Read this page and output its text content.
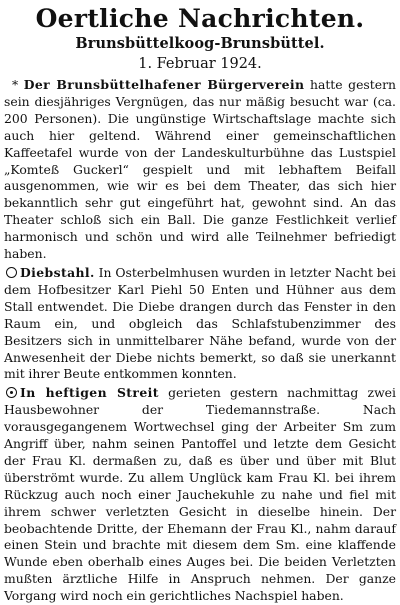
Oertliche Nachrichten.
Brunsbüttelkoog-Brunsbüttel.
1. Februar 1924.

* Der Brunsbüttelhafener Bürgerverein hatte gestern sein diesjähriges Vergnügen, das nur mäßig besucht war (ca. 200 Personen). Die ungünstige Wirtschaftslage machte sich auch hier geltend. Während einer gemeinschaftlichen Kaffeetafel wurde von der Landeskulturbühne das Lustspiel „Komteß Guckerl“ gespielt und mit lebhaftem Beifall ausgenommen, wie wir es bei dem Theater, das sich hier bekanntlich sehr gut eingeführt hat, gewohnt sind. An das Theater schloß sich ein Ball. Die ganze Festlichkeit verlief harmonisch und schön und wird alle Teilnehmer befriedigt haben.

Diebstahl. In Osterbelmhusen wurden in letzter Nacht bei dem Hofbesitzer Karl Piehl 50 Enten und Hühner aus dem Stall entwendet. Die Diebe drangen durch das Fenster in den Raum ein, und obgleich das Schlafstubenzimmer des Besitzers sich in unmittelbarer Nähe befand, wurde von der Anwesenheit der Diebe nichts bemerkt, so daß sie unerkannt mit ihrer Beute entkommen konnten.

In heftigen Streit gerieten gestern nachmittag zwei Hausbewohner der Tiedemannstraße. Nach vorausgegangenem Wortwechsel ging der Arbeiter Sm zum Angriff über, nahm seinen Pantoffel und letzte dem Gesicht der Frau Kl. dermaßen zu, daß es über und über mit Blut überströmt wurde. Zu allem Unglück kam Frau Kl. bei ihrem Rückzug auch noch einer Jauchekuhle zu nahe und fiel mit ihrem schwer verletzten Gesicht in dieselbe hinein. Der beobachtende Dritte, der Ehemann der Frau Kl., nahm darauf einen Stein und brachte mit diesem dem Sm. eine klaffende Wunde eben oberhalb eines Auges bei. Die beiden Verletzten mußten ärztliche Hilfe in Anspruch nehmen. Der ganze Vorgang wird noch ein gerichtliches Nachspiel haben.
